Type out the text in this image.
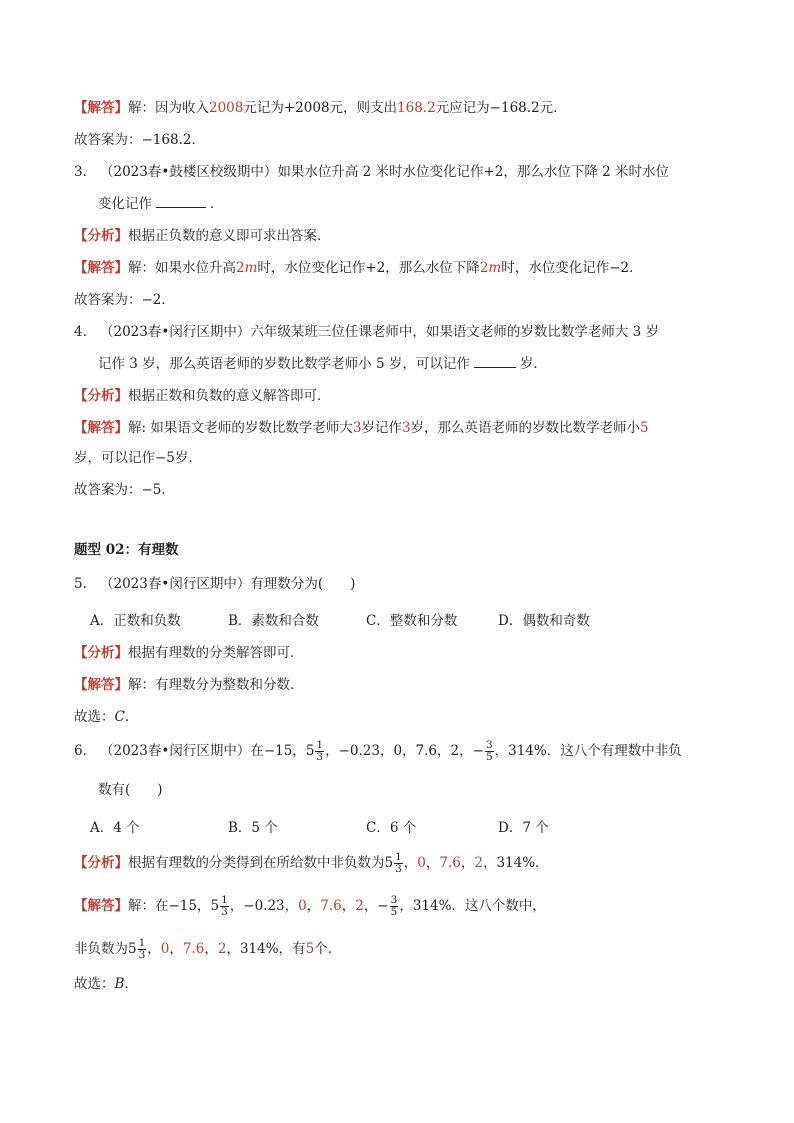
【解答】解：因为收入2008元记为+2008元，则支出168.2元应记为−168.2元．
故答案为：−168.2．
3. （2023春•鼓楼区校级期中）如果水位升高 2 米时水位变化记作+2，那么水位下降 2 米时水位
变化记作	．
【分析】根据正负数的意义即可求出答案．
【解答】解：如果水位升高2m时，水位变化记作+2，那么水位下降2m时，水位变化记作−2．
故答案为：−2．
4. （2023春•闵行区期中）六年级某班三位任课老师中，如果语文老师的岁数比数学老师大 3 岁
记作 3 岁，那么英语老师的岁数比数学老师小 5 岁，可以记作	岁．
【分析】根据正数和负数的意义解答即可．
【解答】解: 如果语文老师的岁数比数学老师大3岁记作3岁，那么英语老师的岁数比数学老师小5
岁，可以记作−5岁．
故答案为：−5．
题型 02：有理数
5. （2023春•闵行区期中）有理数分为(　　)
A．正数和负数	B．素数和合数	C．整数和分数	D．偶数和奇数
【分析】根据有理数的分类解答即可．
【解答】解：有理数分为整数和分数．
故选：C．
6. （2023春•闵行区期中）在−15，$5 \frac{1}{3}$ ，−0.23，0，7.6，2，− $\frac{3}{5}$ ，314%．这八个有理数中非负
数有(　　)
A．4 个	B．5 个	C．6 个	D．7 个
【分析】根据有理数的分类得到在所给数中非负数为$5 \frac{1}{3}$ ，0，7.6，2，314%．
【解答】解：在−15，$5 \frac{1}{3}$ ，−0.23，0，7.6，2，− $\frac{3}{5}$ ，314%．这八个数中，
非负数为$5 \frac{1}{3}$ ，0，7.6，2，314%，有5个．
故选：B．
